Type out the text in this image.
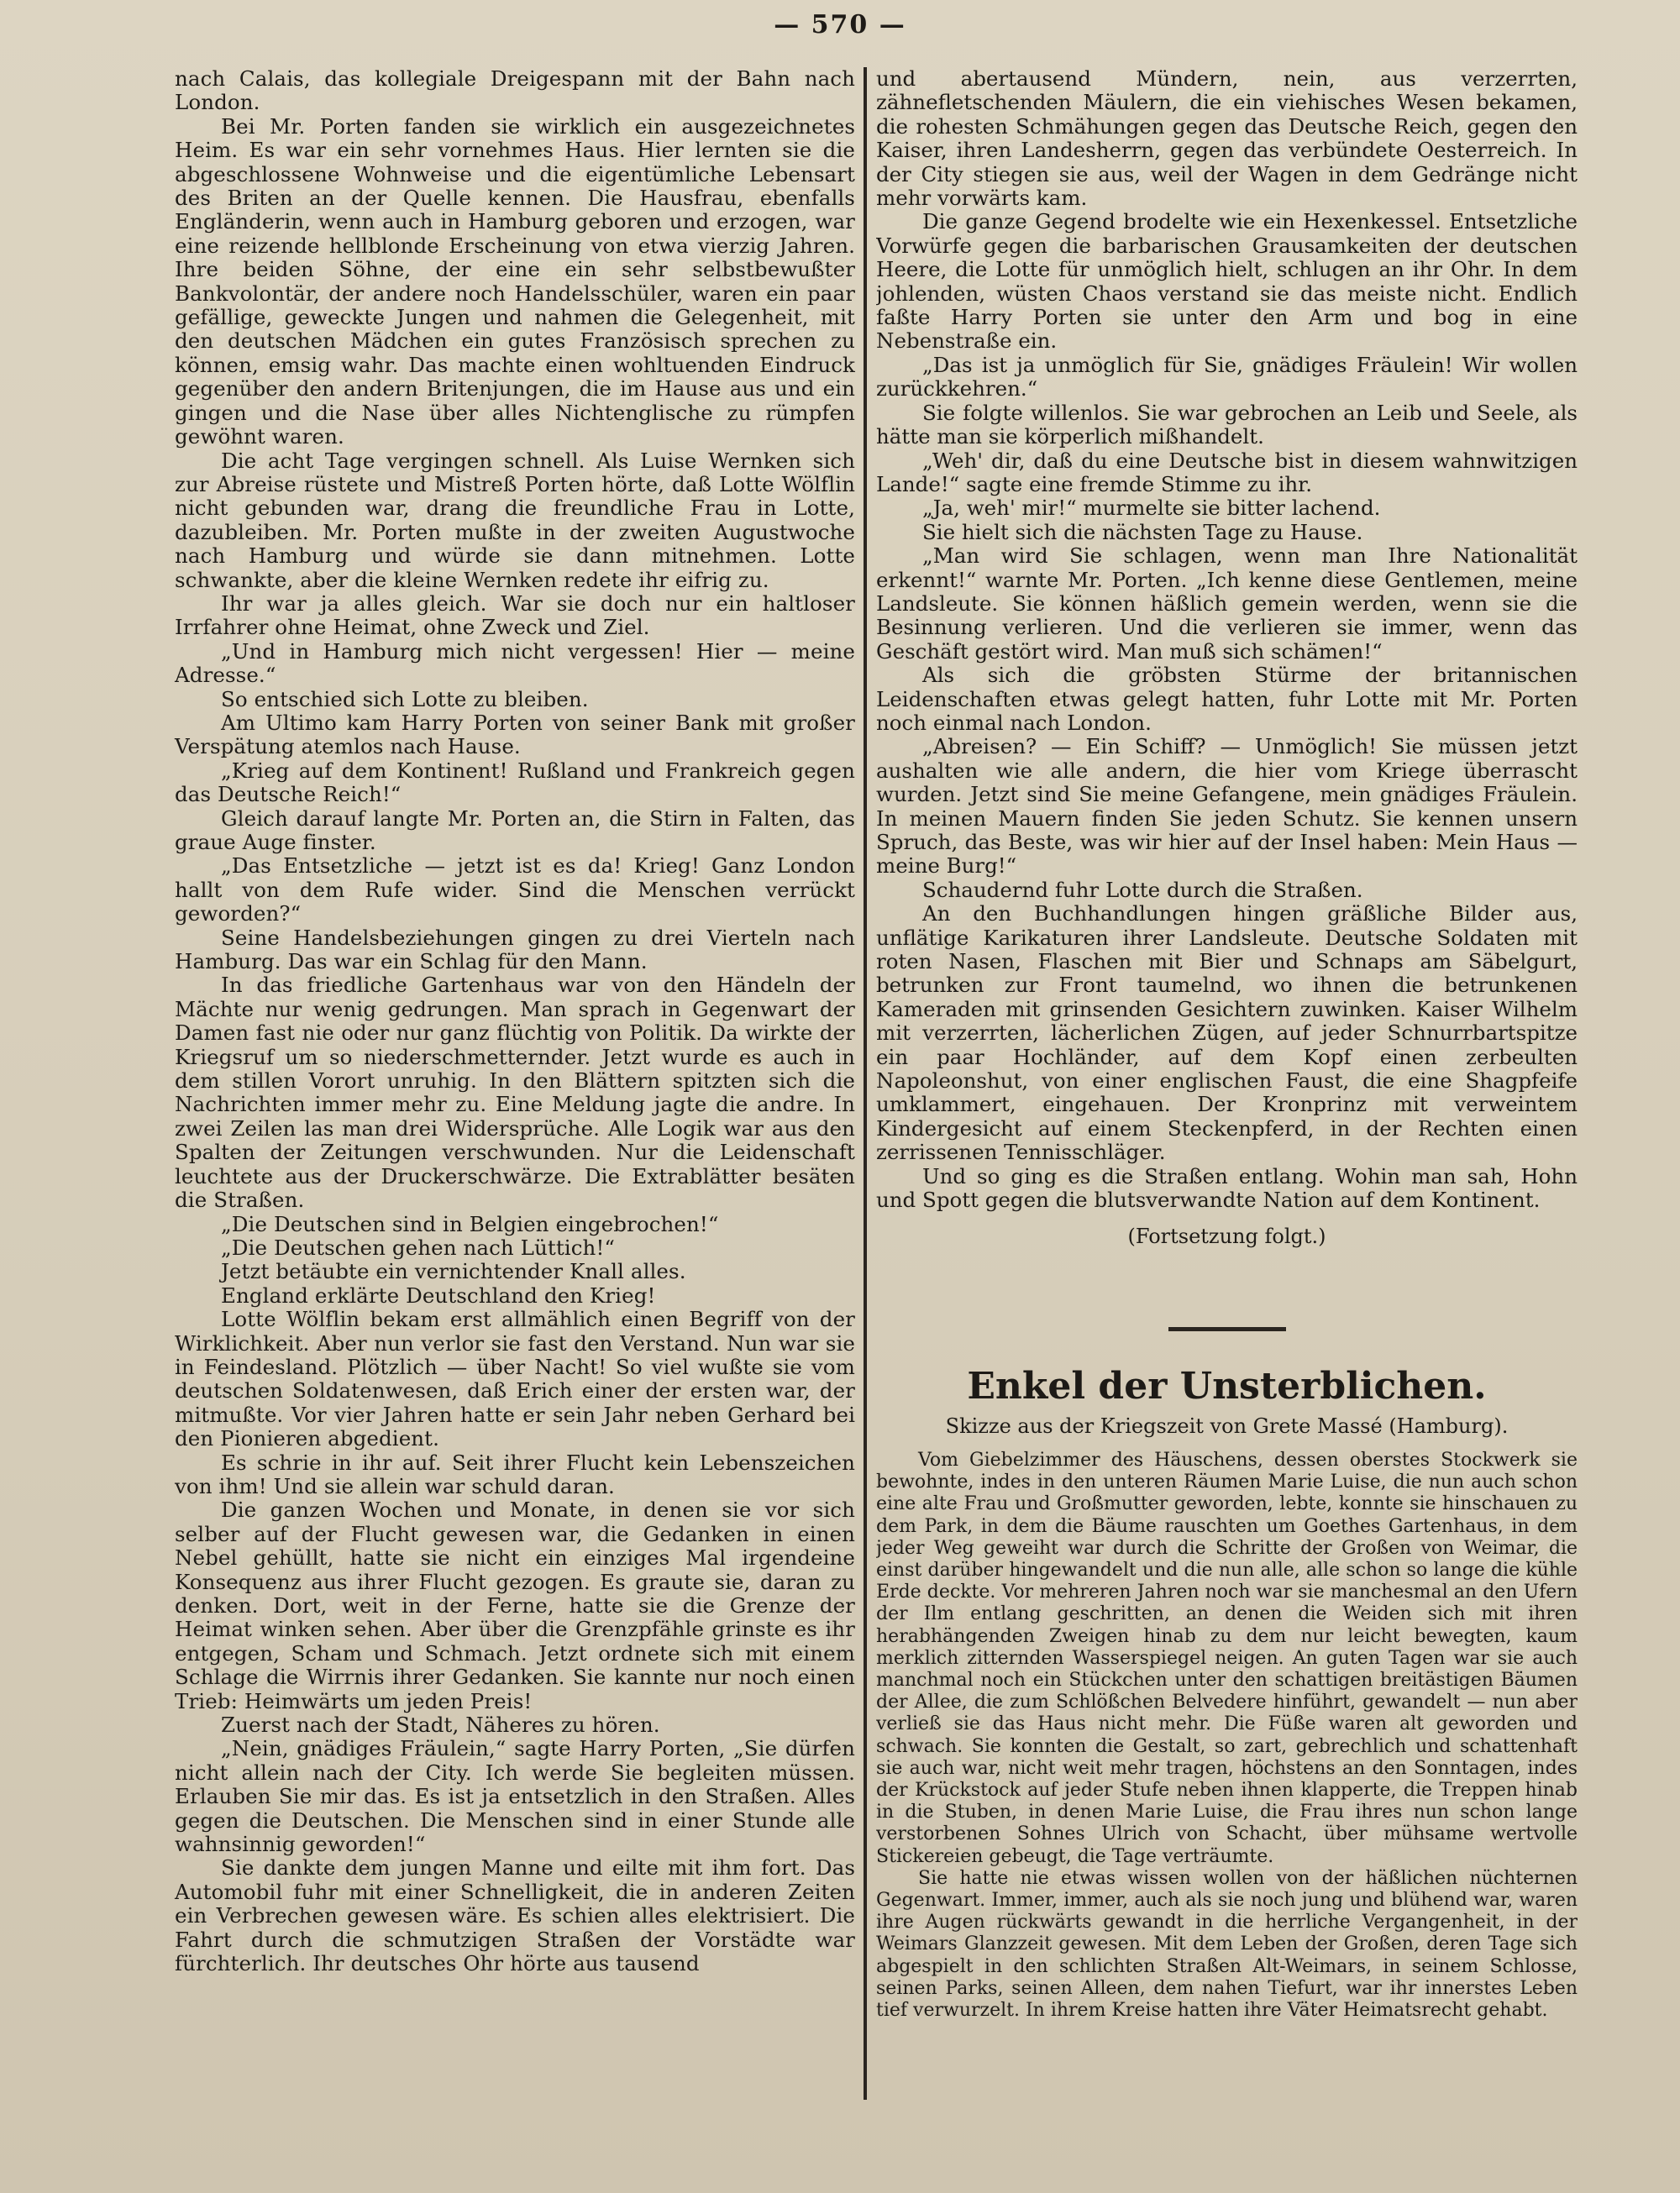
— 570 —

nach Calais, das kollegiale Dreigespann mit der Bahn nach London.

Bei Mr. Porten fanden sie wirklich ein ausgezeichnetes Heim. Es war ein sehr vornehmes Haus. Hier lernten sie die abgeschlossene Wohnweise und die eigentümliche Lebensart des Briten an der Quelle kennen. Die Hausfrau, ebenfalls Engländerin, wenn auch in Hamburg geboren und erzogen, war eine reizende hellblonde Erscheinung von etwa vierzig Jahren. Ihre beiden Söhne, der eine ein sehr selbstbewußter Bankvolontär, der andere noch Handelsschüler, waren ein paar gefällige, geweckte Jungen und nahmen die Gelegenheit, mit den deutschen Mädchen ein gutes Französisch sprechen zu können, emsig wahr. Das machte einen wohltuenden Eindruck gegenüber den andern Britenjungen, die im Hause aus und ein gingen und die Nase über alles Nichtenglische zu rümpfen gewöhnt waren.

Die acht Tage vergingen schnell. Als Luise Wernken sich zur Abreise rüstete und Mistreß Porten hörte, daß Lotte Wölflin nicht gebunden war, drang die freundliche Frau in Lotte, dazubleiben. Mr. Porten mußte in der zweiten Augustwoche nach Hamburg und würde sie dann mitnehmen. Lotte schwankte, aber die kleine Wernken redete ihr eifrig zu.

Ihr war ja alles gleich. War sie doch nur ein haltloser Irrfahrer ohne Heimat, ohne Zweck und Ziel.

„Und in Hamburg mich nicht vergessen! Hier — meine Adresse.“

So entschied sich Lotte zu bleiben.

Am Ultimo kam Harry Porten von seiner Bank mit großer Verspätung atemlos nach Hause.

„Krieg auf dem Kontinent! Rußland und Frankreich gegen das Deutsche Reich!“

Gleich darauf langte Mr. Porten an, die Stirn in Falten, das graue Auge finster.

„Das Entsetzliche — jetzt ist es da! Krieg! Ganz London hallt von dem Rufe wider. Sind die Menschen verrückt geworden?“

Seine Handelsbeziehungen gingen zu drei Vierteln nach Hamburg. Das war ein Schlag für den Mann.

In das friedliche Gartenhaus war von den Händeln der Mächte nur wenig gedrungen. Man sprach in Gegenwart der Damen fast nie oder nur ganz flüchtig von Politik. Da wirkte der Kriegsruf um so niederschmetternder. Jetzt wurde es auch in dem stillen Vorort unruhig. In den Blättern spitzten sich die Nachrichten immer mehr zu. Eine Meldung jagte die andre. In zwei Zeilen las man drei Widersprüche. Alle Logik war aus den Spalten der Zeitungen verschwunden. Nur die Leidenschaft leuchtete aus der Druckerschwärze. Die Extrablätter besäten die Straßen.

„Die Deutschen sind in Belgien eingebrochen!“

„Die Deutschen gehen nach Lüttich!“

Jetzt betäubte ein vernichtender Knall alles.

England erklärte Deutschland den Krieg!

Lotte Wölflin bekam erst allmählich einen Begriff von der Wirklichkeit. Aber nun verlor sie fast den Verstand. Nun war sie in Feindesland. Plötzlich — über Nacht! So viel wußte sie vom deutschen Soldatenwesen, daß Erich einer der ersten war, der mitmußte. Vor vier Jahren hatte er sein Jahr neben Gerhard bei den Pionieren abgedient.

Es schrie in ihr auf. Seit ihrer Flucht kein Lebenszeichen von ihm! Und sie allein war schuld daran.

Die ganzen Wochen und Monate, in denen sie vor sich selber auf der Flucht gewesen war, die Gedanken in einen Nebel gehüllt, hatte sie nicht ein einziges Mal irgendeine Konsequenz aus ihrer Flucht gezogen. Es graute sie, daran zu denken. Dort, weit in der Ferne, hatte sie die Grenze der Heimat winken sehen. Aber über die Grenzpfähle grinste es ihr entgegen, Scham und Schmach. Jetzt ordnete sich mit einem Schlage die Wirrnis ihrer Gedanken. Sie kannte nur noch einen Trieb: Heimwärts um jeden Preis!

Zuerst nach der Stadt, Näheres zu hören.

„Nein, gnädiges Fräulein,“ sagte Harry Porten, „Sie dürfen nicht allein nach der City. Ich werde Sie begleiten müssen. Erlauben Sie mir das. Es ist ja entsetzlich in den Straßen. Alles gegen die Deutschen. Die Menschen sind in einer Stunde alle wahnsinnig geworden!“

Sie dankte dem jungen Manne und eilte mit ihm fort. Das Automobil fuhr mit einer Schnelligkeit, die in anderen Zeiten ein Verbrechen gewesen wäre. Es schien alles elektrisiert. Die Fahrt durch die schmutzigen Straßen der Vorstädte war fürchterlich. Ihr deutsches Ohr hörte aus tausend

und abertausend Mündern, nein, aus verzerrten, zähnefletschenden Mäulern, die ein viehisches Wesen bekamen, die rohesten Schmähungen gegen das Deutsche Reich, gegen den Kaiser, ihren Landesherrn, gegen das verbündete Oesterreich. In der City stiegen sie aus, weil der Wagen in dem Gedränge nicht mehr vorwärts kam.

Die ganze Gegend brodelte wie ein Hexenkessel. Entsetzliche Vorwürfe gegen die barbarischen Grausamkeiten der deutschen Heere, die Lotte für unmöglich hielt, schlugen an ihr Ohr. In dem johlenden, wüsten Chaos verstand sie das meiste nicht. Endlich faßte Harry Porten sie unter den Arm und bog in eine Nebenstraße ein.

„Das ist ja unmöglich für Sie, gnädiges Fräulein! Wir wollen zurückkehren.“

Sie folgte willenlos. Sie war gebrochen an Leib und Seele, als hätte man sie körperlich mißhandelt.

„Weh' dir, daß du eine Deutsche bist in diesem wahnwitzigen Lande!“ sagte eine fremde Stimme zu ihr.

„Ja, weh' mir!“ murmelte sie bitter lachend.

Sie hielt sich die nächsten Tage zu Hause.

„Man wird Sie schlagen, wenn man Ihre Nationalität erkennt!“ warnte Mr. Porten. „Ich kenne diese Gentlemen, meine Landsleute. Sie können häßlich gemein werden, wenn sie die Besinnung verlieren. Und die verlieren sie immer, wenn das Geschäft gestört wird. Man muß sich schämen!“

Als sich die gröbsten Stürme der britannischen Leidenschaften etwas gelegt hatten, fuhr Lotte mit Mr. Porten noch einmal nach London.

„Abreisen? — Ein Schiff? — Unmöglich! Sie müssen jetzt aushalten wie alle andern, die hier vom Kriege überrascht wurden. Jetzt sind Sie meine Gefangene, mein gnädiges Fräulein. In meinen Mauern finden Sie jeden Schutz. Sie kennen unsern Spruch, das Beste, was wir hier auf der Insel haben: Mein Haus — meine Burg!“

Schaudernd fuhr Lotte durch die Straßen.

An den Buchhandlungen hingen gräßliche Bilder aus, unflätige Karikaturen ihrer Landsleute. Deutsche Soldaten mit roten Nasen, Flaschen mit Bier und Schnaps am Säbelgurt, betrunken zur Front taumelnd, wo ihnen die betrunkenen Kameraden mit grinsenden Gesichtern zuwinken. Kaiser Wilhelm mit verzerrten, lächerlichen Zügen, auf jeder Schnurrbartspitze ein paar Hochländer, auf dem Kopf einen zerbeulten Napoleonshut, von einer englischen Faust, die eine Shagpfeife umklammert, eingehauen. Der Kronprinz mit verweintem Kindergesicht auf einem Steckenpferd, in der Rechten einen zerrissenen Tennisschläger.

Und so ging es die Straßen entlang. Wohin man sah, Hohn und Spott gegen die blutsverwandte Nation auf dem Kontinent.

(Fortsetzung folgt.)

Enkel der Unsterblichen.
Skizze aus der Kriegszeit von Grete Massé (Hamburg).

Vom Giebelzimmer des Häuschens, dessen oberstes Stockwerk sie bewohnte, indes in den unteren Räumen Marie Luise, die nun auch schon eine alte Frau und Großmutter geworden, lebte, konnte sie hinschauen zu dem Park, in dem die Bäume rauschten um Goethes Gartenhaus, in dem jeder Weg geweiht war durch die Schritte der Großen von Weimar, die einst darüber hingewandelt und die nun alle, alle schon so lange die kühle Erde deckte. Vor mehreren Jahren noch war sie manchesmal an den Ufern der Ilm entlang geschritten, an denen die Weiden sich mit ihren herabhängenden Zweigen hinab zu dem nur leicht bewegten, kaum merklich zitternden Wasserspiegel neigen. An guten Tagen war sie auch manchmal noch ein Stückchen unter den schattigen breitästigen Bäumen der Allee, die zum Schlößchen Belvedere hinführt, gewandelt — nun aber verließ sie das Haus nicht mehr. Die Füße waren alt geworden und schwach. Sie konnten die Gestalt, so zart, gebrechlich und schattenhaft sie auch war, nicht weit mehr tragen, höchstens an den Sonntagen, indes der Krückstock auf jeder Stufe neben ihnen klapperte, die Treppen hinab in die Stuben, in denen Marie Luise, die Frau ihres nun schon lange verstorbenen Sohnes Ulrich von Schacht, über mühsame wertvolle Stickereien gebeugt, die Tage verträumte.

Sie hatte nie etwas wissen wollen von der häßlichen nüchternen Gegenwart. Immer, immer, auch als sie noch jung und blühend war, waren ihre Augen rückwärts gewandt in die herrliche Vergangenheit, in der Weimars Glanzzeit gewesen. Mit dem Leben der Großen, deren Tage sich abgespielt in den schlichten Straßen Alt-Weimars, in seinem Schlosse, seinen Parks, seinen Alleen, dem nahen Tiefurt, war ihr innerstes Leben tief verwurzelt. In ihrem Kreise hatten ihre Väter Heimatsrecht gehabt.
